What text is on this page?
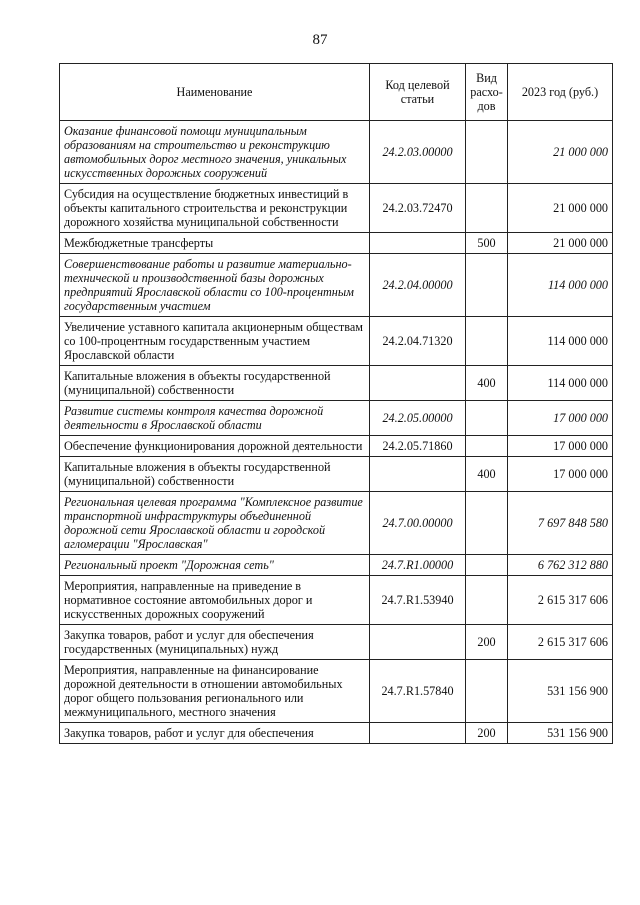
87
Наименование	Код целевой статьи	Вид расхо-дов	2023 год (руб.)
Оказание финансовой помощи муниципальным образованиям на строительство и реконструкцию автомобильных дорог местного значения, уникальных искусственных дорожных сооружений	24.2.03.00000		21 000 000
Субсидия на осуществление бюджетных инвестиций в объекты капитального строительства и реконструкции дорожного хозяйства муниципальной собственности	24.2.03.72470		21 000 000
Межбюджетные трансферты		500	21 000 000
Совершенствование работы и развитие материально-технической и производственной базы дорожных предприятий Ярославской области со 100-процентным государственным участием	24.2.04.00000		114 000 000
Увеличение уставного капитала акционерным обществам со 100-процентным государственным участием Ярославской области	24.2.04.71320		114 000 000
Капитальные вложения в объекты государственной (муниципальной) собственности		400	114 000 000
Развитие системы контроля качества дорожной деятельности в Ярославской области	24.2.05.00000		17 000 000
Обеспечение функционирования дорожной деятельности	24.2.05.71860		17 000 000
Капитальные вложения в объекты государственной (муниципальной) собственности		400	17 000 000
Региональная целевая программа "Комплексное развитие транспортной инфраструктуры объединенной дорожной сети Ярославской области и городской агломерации "Ярославская"	24.7.00.00000		7 697 848 580
Региональный проект "Дорожная сеть"	24.7.R1.00000		6 762 312 880
Мероприятия, направленные на приведение в нормативное состояние автомобильных дорог и искусственных дорожных сооружений	24.7.R1.53940		2 615 317 606
Закупка товаров, работ и услуг для обеспечения государственных (муниципальных) нужд		200	2 615 317 606
Мероприятия, направленные на финансирование дорожной деятельности в отношении автомобильных дорог общего пользования регионального или межмуниципального, местного значения	24.7.R1.57840		531 156 900
Закупка товаров, работ и услуг для обеспечения		200	531 156 900
